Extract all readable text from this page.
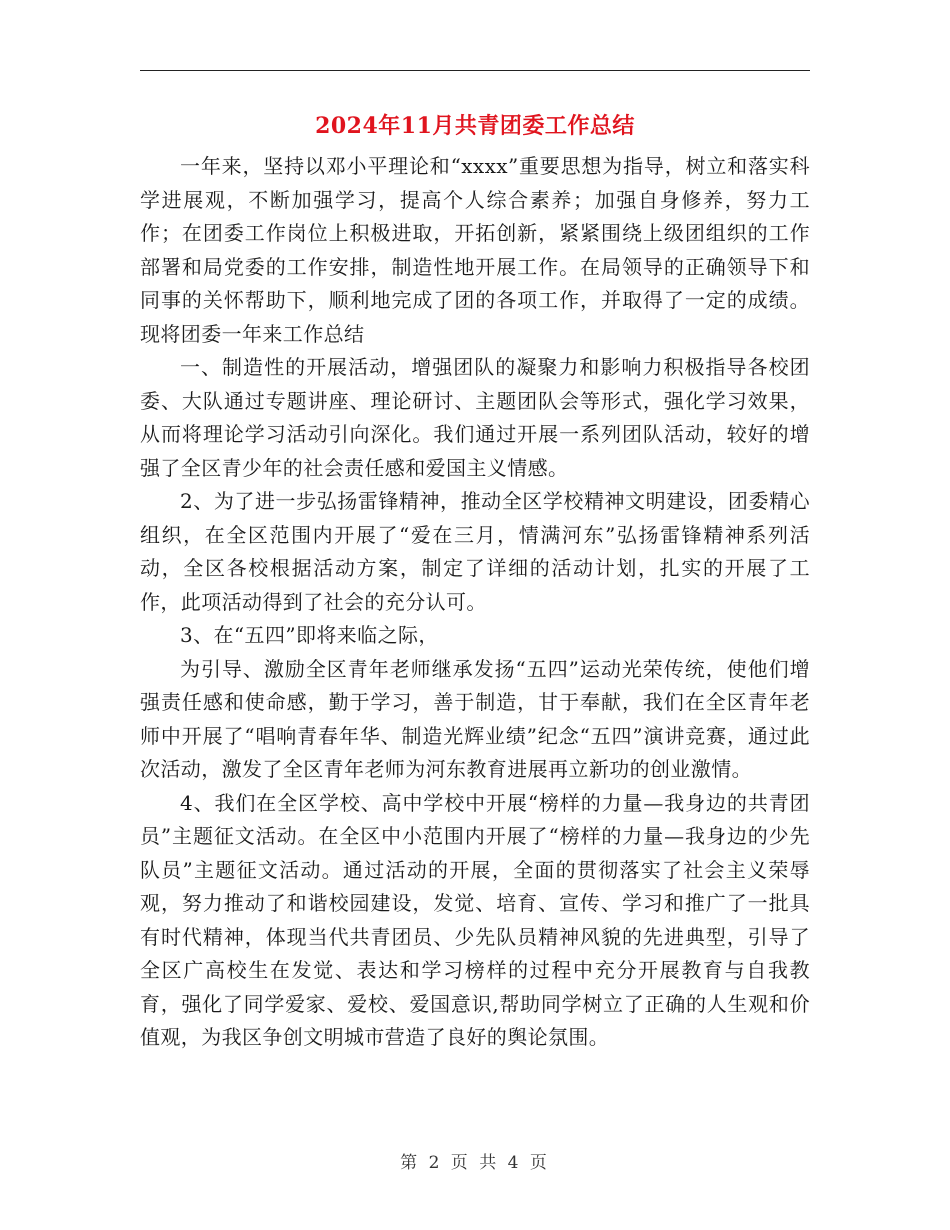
2024年11月共青团委工作总结

一年来，坚持以邓小平理论和“xxxx”重要思想为指导，树立和落实科学进展观，不断加强学习，提高个人综合素养；加强自身修养，努力工作；在团委工作岗位上积极进取，开拓创新，紧紧围绕上级团组织的工作部署和局党委的工作安排，制造性地开展工作。在局领导的正确领导下和同事的关怀帮助下，顺利地完成了团的各项工作，并取得了一定的成绩。现将团委一年来工作总结

一、制造性的开展活动，增强团队的凝聚力和影响力积极指导各校团委、大队通过专题讲座、理论研讨、主题团队会等形式，强化学习效果，从而将理论学习活动引向深化。我们通过开展一系列团队活动，较好的增强了全区青少年的社会责任感和爱国主义情感。

2、为了进一步弘扬雷锋精神，推动全区学校精神文明建设，团委精心组织，在全区范围内开展了“爱在三月，情满河东”弘扬雷锋精神系列活动，全区各校根据活动方案，制定了详细的活动计划，扎实的开展了工作，此项活动得到了社会的充分认可。

3、在“五四”即将来临之际，

为引导、激励全区青年老师继承发扬“五四”运动光荣传统，使他们增强责任感和使命感，勤于学习，善于制造，甘于奉献，我们在全区青年老师中开展了“唱响青春年华、制造光辉业绩”纪念“五四”演讲竞赛，通过此次活动，激发了全区青年老师为河东教育进展再立新功的创业激情。

4、我们在全区学校、高中学校中开展“榜样的力量—我身边的共青团员”主题征文活动。在全区中小范围内开展了“榜样的力量—我身边的少先队员”主题征文活动。通过活动的开展，全面的贯彻落实了社会主义荣辱观，努力推动了和谐校园建设，发觉、培育、宣传、学习和推广了一批具有时代精神，体现当代共青团员、少先队员精神风貌的先进典型，引导了全区广高校生在发觉、表达和学习榜样的过程中充分开展教育与自我教育，强化了同学爱家、爱校、爱国意识,帮助同学树立了正确的人生观和价值观，为我区争创文明城市营造了良好的舆论氛围。

第 2 页 共 4 页
